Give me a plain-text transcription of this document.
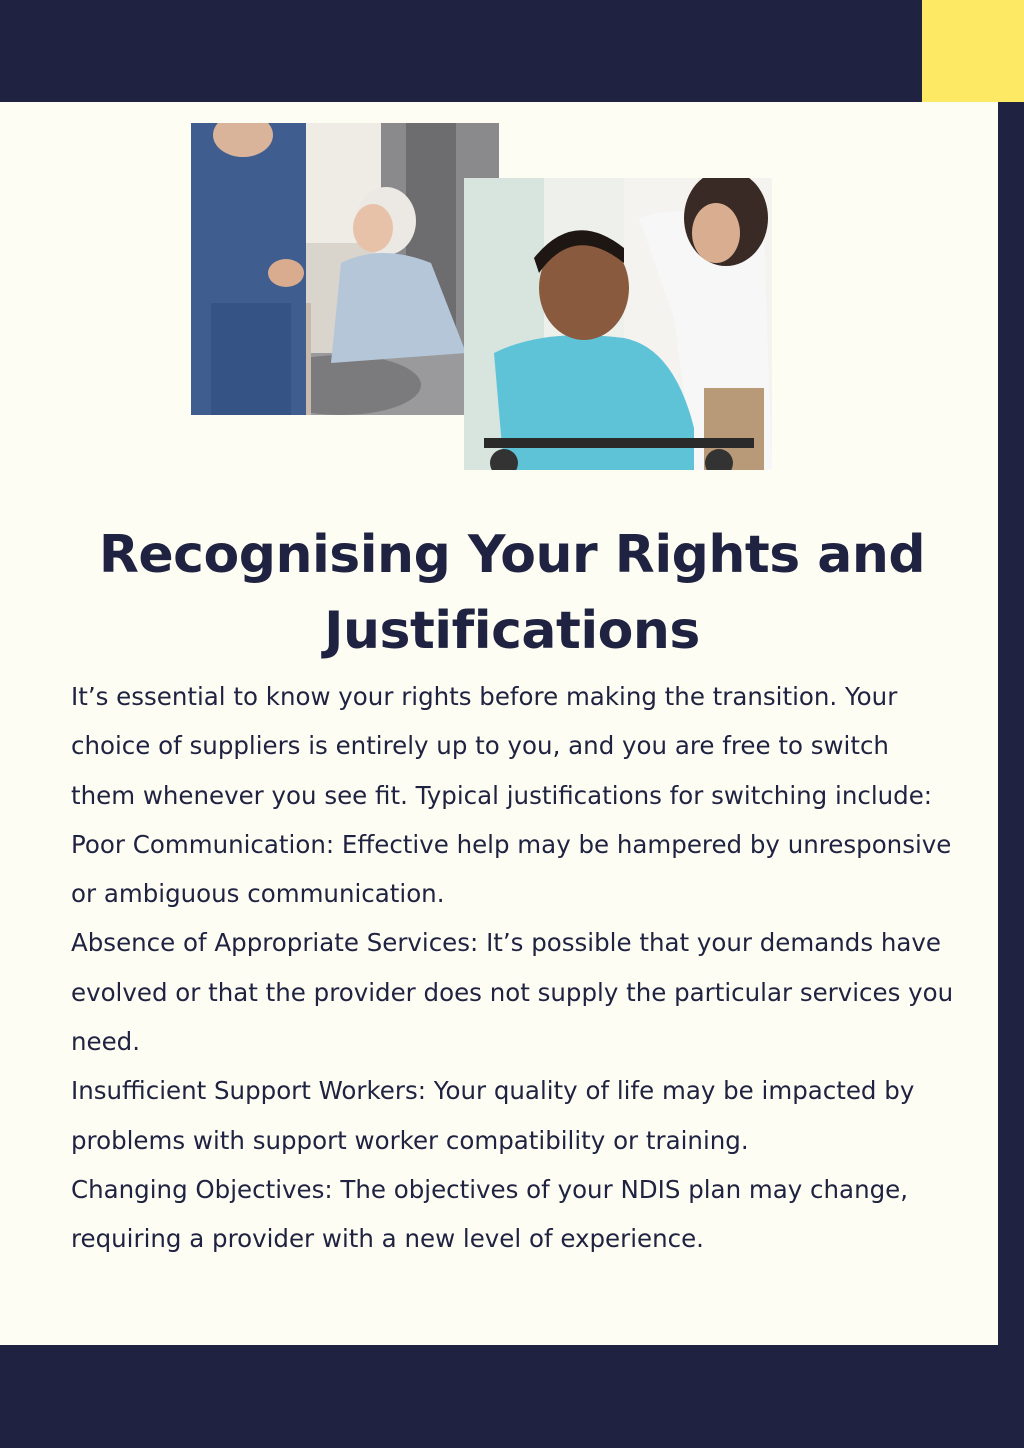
Recognising Your Rights and Justifications

It’s essential to know your rights before making the transition. Your choice of suppliers is entirely up to you, and you are free to switch them whenever you see fit. Typical justifications for switching include:

Poor Communication: Effective help may be hampered by unresponsive or ambiguous communication.

Absence of Appropriate Services: It’s possible that your demands have evolved or that the provider does not supply the particular services you need.

Insufficient Support Workers: Your quality of life may be impacted by problems with support worker compatibility or training.

Changing Objectives: The objectives of your NDIS plan may change, requiring a provider with a new level of experience.
